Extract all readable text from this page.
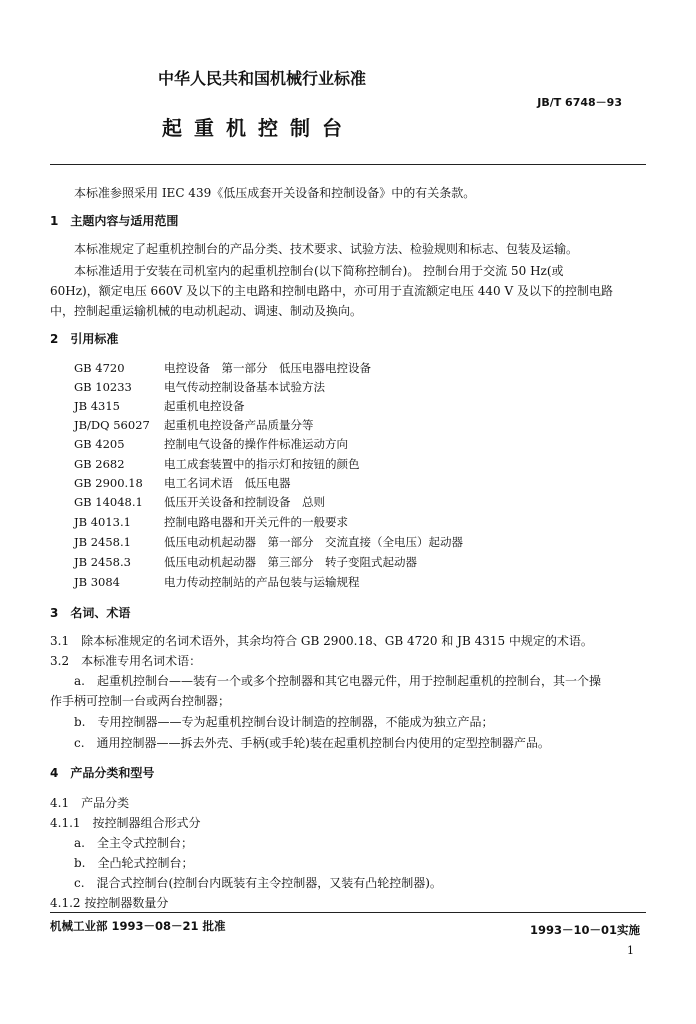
中华人民共和国机械行业标准
JB/T 6748－93
起重机控制台
本标准参照采用 IEC 439《低压成套开关设备和控制设备》中的有关条款。
1　主题内容与适用范围
本标准规定了起重机控制台的产品分类、技术要求、试验方法、检验规则和标志、包装及运输。
本标准适用于安装在司机室内的起重机控制台(以下简称控制台)。 控制台用于交流 50 Hz(或
60Hz)，额定电压 660V 及以下的主电路和控制电路中，亦可用于直流额定电压 440 V 及以下的控制电路
中，控制起重运输机械的电动机起动、调速、制动及换向。
2　引用标准
GB 4720	电控设备　第一部分　低压电器电控设备
GB 10233	电气传动控制设备基本试验方法
JB 4315	起重机电控设备
JB/DQ 56027 起重机电控设备产品质量分等
GB 4205	控制电气设备的操作件标准运动方向
GB 2682	电工成套装置中的指示灯和按钮的颜色
GB 2900.18 电工名词术语　低压电器
GB 14048.1 低压开关设备和控制设备　总则
JB 4013.1	控制电路电器和开关元件的一般要求
JB 2458.1	低压电动机起动器　第一部分　交流直接（全电压）起动器
JB 2458.3	低压电动机起动器　第三部分　转子变阻式起动器
JB 3084	电力传动控制站的产品包装与运输规程
3　名词、术语
3.1　除本标准规定的名词术语外，其余均符合 GB 2900.18、GB 4720 和 JB 4315 中规定的术语。
3.2　本标准专用名词术语：
a.　起重机控制台——装有一个或多个控制器和其它电器元件，用于控制起重机的控制台，其一个操
作手柄可控制一台或两台控制器；
b.　专用控制器——专为起重机控制台设计制造的控制器，不能成为独立产品；
c.　通用控制器——拆去外壳、手柄(或手轮)装在起重机控制台内使用的定型控制器产品。
4　产品分类和型号
4.1　产品分类
4.1.1　按控制器组合形式分
a.　全主令式控制台；
b.　全凸轮式控制台；
c.　混合式控制台(控制台内既装有主令控制器，又装有凸轮控制器)。
4.1.2 按控制器数量分
机械工业部 1993－08－21 批准	1993－10－01实施
1
